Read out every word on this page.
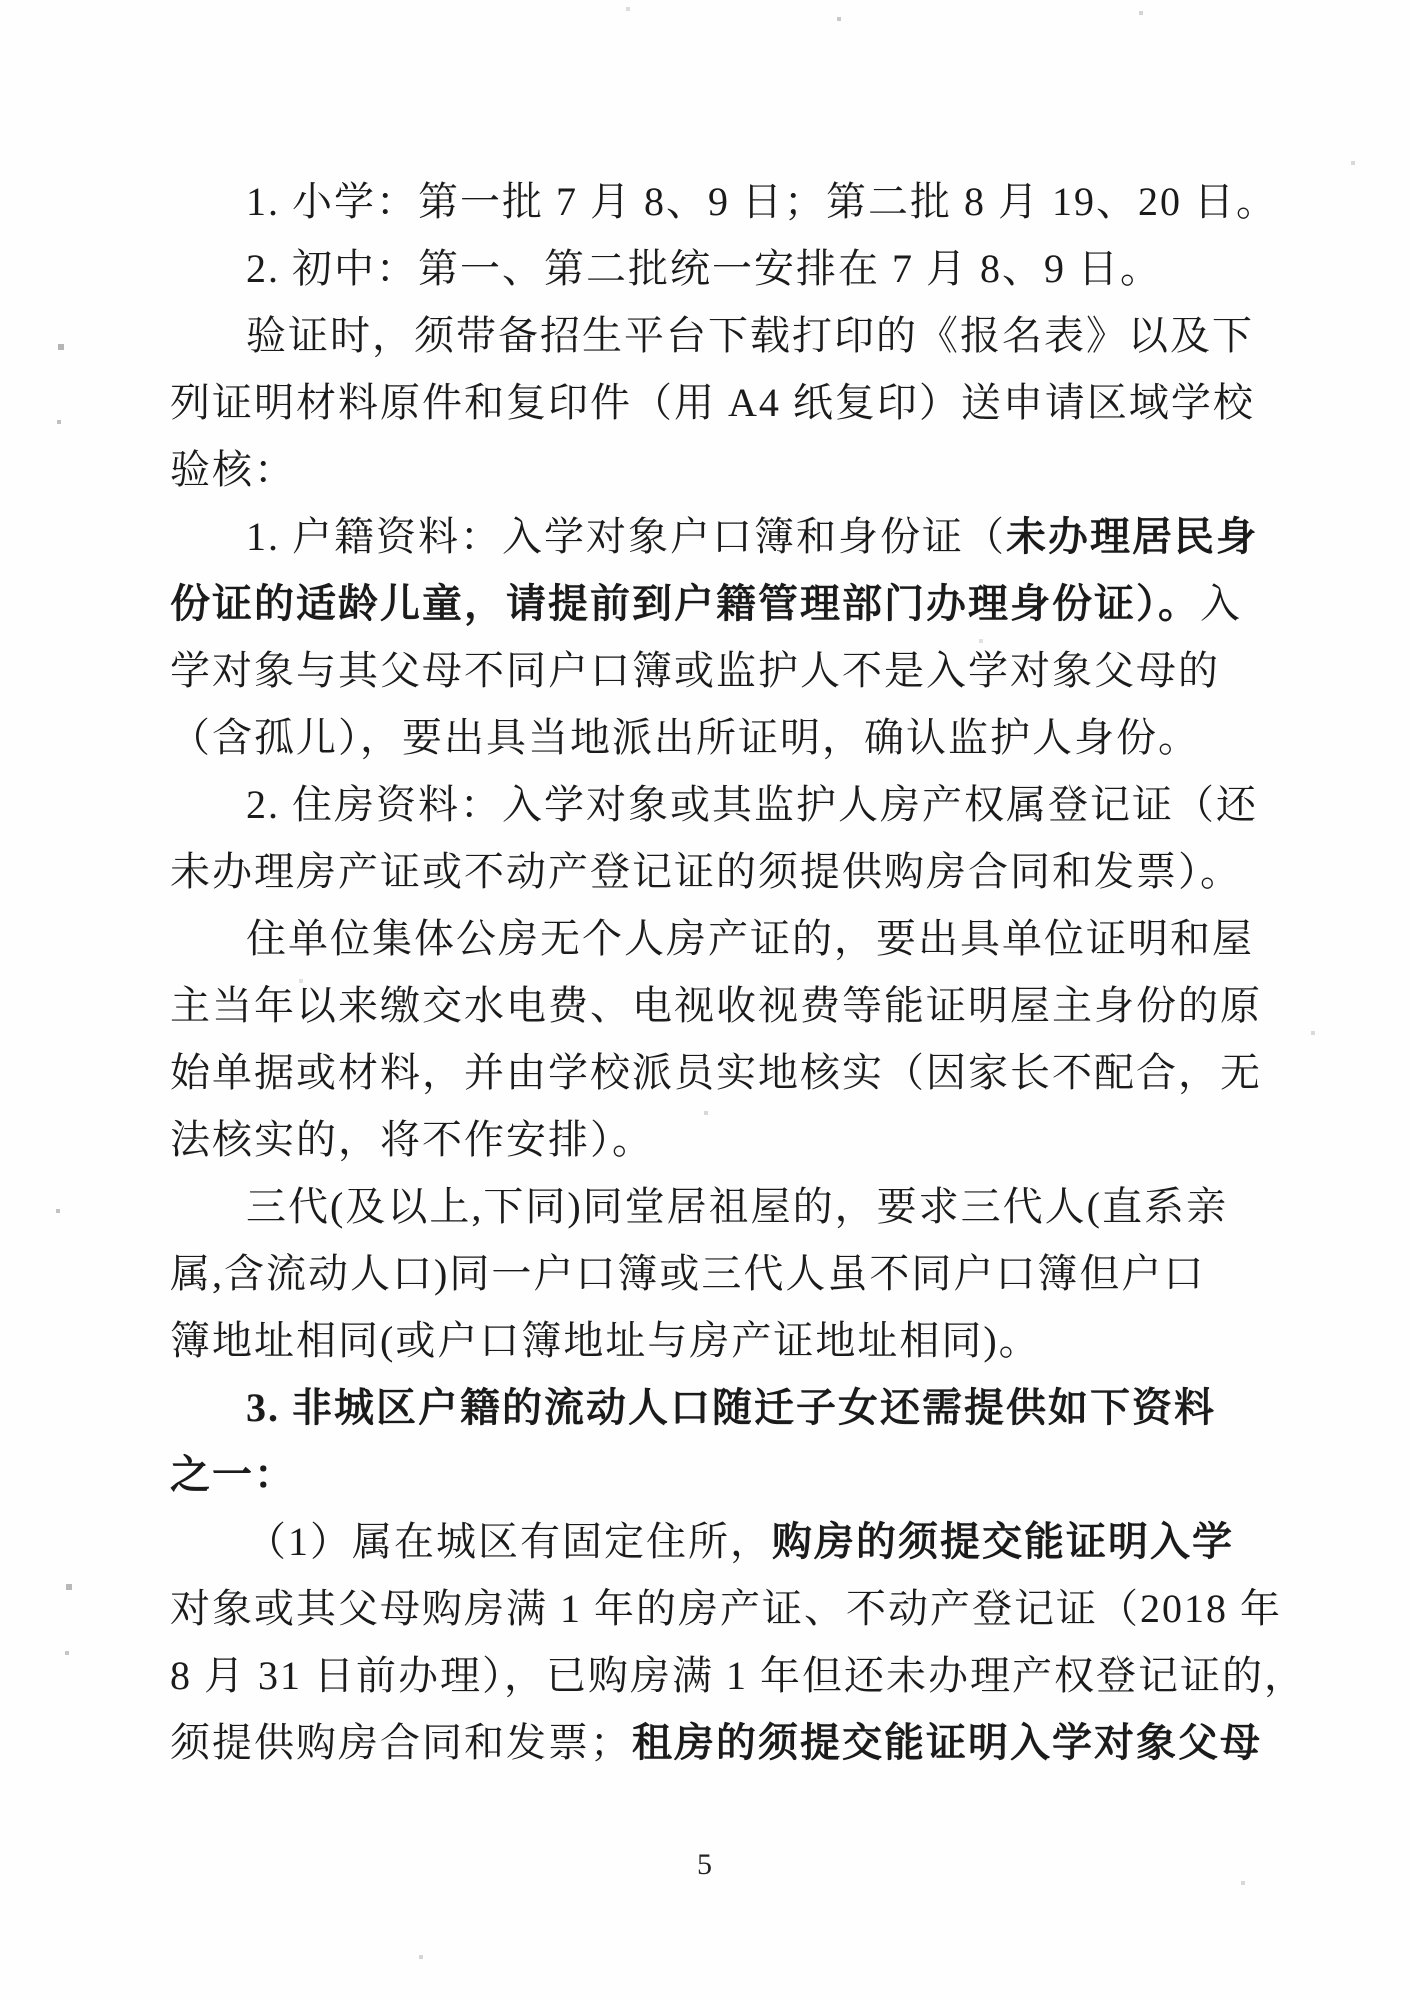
1. 小学：第一批 7 月 8、9 日；第二批 8 月 19、20 日。
2. 初中：第一、第二批统一安排在 7 月 8、9 日。
验证时，须带备招生平台下载打印的《报名表》以及下
列证明材料原件和复印件（用 A4 纸复印）送申请区域学校
验核：
1. 户籍资料：入学对象户口簿和身份证（未办理居民身
份证的适龄儿童，请提前到户籍管理部门办理身份证）。入
学对象与其父母不同户口簿或监护人不是入学对象父母的
（含孤儿），要出具当地派出所证明，确认监护人身份。
2. 住房资料：入学对象或其监护人房产权属登记证（还
未办理房产证或不动产登记证的须提供购房合同和发票）。
住单位集体公房无个人房产证的，要出具单位证明和屋
主当年以来缴交水电费、电视收视费等能证明屋主身份的原
始单据或材料，并由学校派员实地核实（因家长不配合，无
法核实的，将不作安排）。
三代(及以上,下同)同堂居祖屋的，要求三代人(直系亲
属,含流动人口)同一户口簿或三代人虽不同户口簿但户口
簿地址相同(或户口簿地址与房产证地址相同)。
3. 非城区户籍的流动人口随迁子女还需提供如下资料
之一：
（1）属在城区有固定住所，购房的须提交能证明入学
对象或其父母购房满 1 年的房产证、不动产登记证（2018 年
8 月 31 日前办理），已购房满 1 年但还未办理产权登记证的，
须提供购房合同和发票；租房的须提交能证明入学对象父母
5
